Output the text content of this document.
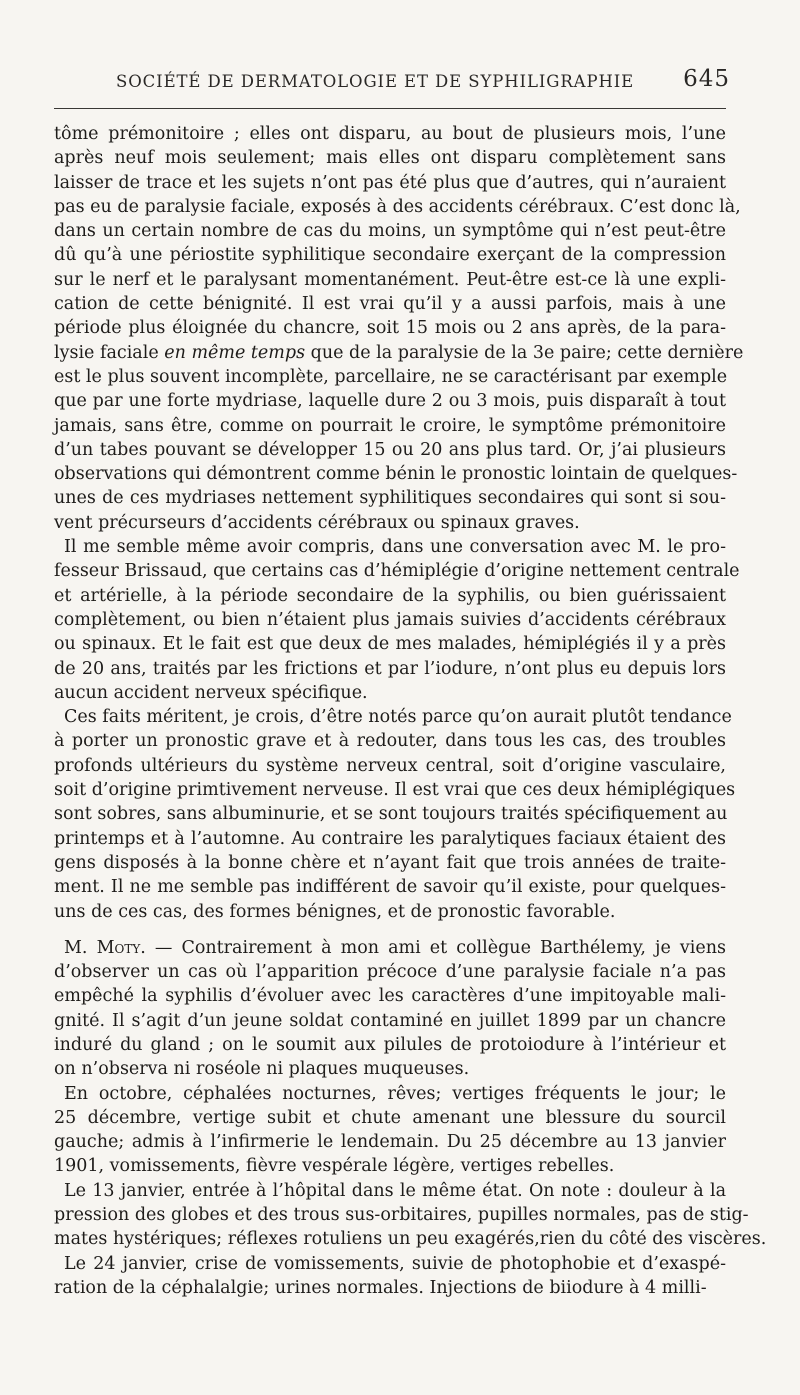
SOCIÉTÉ DE DERMATOLOGIE ET DE SYPHILIGRAPHIE 645

tôme prémonitoire ; elles ont disparu, au bout de plusieurs mois, l’une
après neuf mois seulement; mais elles ont disparu complètement sans
laisser de trace et les sujets n’ont pas été plus que d’autres, qui n’auraient
pas eu de paralysie faciale, exposés à des accidents cérébraux. C’est donc là,
dans un certain nombre de cas du moins, un symptôme qui n’est peut-être
dû qu’à une périostite syphilitique secondaire exerçant de la compression
sur le nerf et le paralysant momentanément. Peut-être est-ce là une expli-
cation de cette bénignité. Il est vrai qu’il y a aussi parfois, mais à une
période plus éloignée du chancre, soit 15 mois ou 2 ans après, de la para-
lysie faciale en même temps que de la paralysie de la 3e paire; cette dernière
est le plus souvent incomplète, parcellaire, ne se caractérisant par exemple
que par une forte mydriase, laquelle dure 2 ou 3 mois, puis disparaît à tout
jamais, sans être, comme on pourrait le croire, le symptôme prémonitoire
d’un tabes pouvant se développer 15 ou 20 ans plus tard. Or, j’ai plusieurs
observations qui démontrent comme bénin le pronostic lointain de quelques-
unes de ces mydriases nettement syphilitiques secondaires qui sont si sou-
vent précurseurs d’accidents cérébraux ou spinaux graves.

Il me semble même avoir compris, dans une conversation avec M. le pro-
fesseur Brissaud, que certains cas d’hémiplégie d’origine nettement centrale
et artérielle, à la période secondaire de la syphilis, ou bien guérissaient
complètement, ou bien n’étaient plus jamais suivies d’accidents cérébraux
ou spinaux. Et le fait est que deux de mes malades, hémiplégiés il y a près
de 20 ans, traités par les frictions et par l’iodure, n’ont plus eu depuis lors
aucun accident nerveux spécifique.

Ces faits méritent, je crois, d’être notés parce qu’on aurait plutôt tendance
à porter un pronostic grave et à redouter, dans tous les cas, des troubles
profonds ultérieurs du système nerveux central, soit d’origine vasculaire,
soit d’origine primtivement nerveuse. Il est vrai que ces deux hémiplégiques
sont sobres, sans albuminurie, et se sont toujours traités spécifiquement au
printemps et à l’automne. Au contraire les paralytiques faciaux étaient des
gens disposés à la bonne chère et n’ayant fait que trois années de traite-
ment. Il ne me semble pas indifférent de savoir qu’il existe, pour quelques-
uns de ces cas, des formes bénignes, et de pronostic favorable.

M. Moty. — Contrairement à mon ami et collègue Barthélemy, je viens
d’observer un cas où l’apparition précoce d’une paralysie faciale n’a pas
empêché la syphilis d’évoluer avec les caractères d’une impitoyable mali-
gnité. Il s’agit d’un jeune soldat contaminé en juillet 1899 par un chancre
induré du gland ; on le soumit aux pilules de protoiodure à l’intérieur et
on n’observa ni roséole ni plaques muqueuses.

En octobre, céphalées nocturnes, rêves; vertiges fréquents le jour; le
25 décembre, vertige subit et chute amenant une blessure du sourcil
gauche; admis à l’infirmerie le lendemain. Du 25 décembre au 13 janvier
1901, vomissements, fièvre vespérale légère, vertiges rebelles.

Le 13 janvier, entrée à l’hôpital dans le même état. On note : douleur à la
pression des globes et des trous sus-orbitaires, pupilles normales, pas de stig-
mates hystériques; réflexes rotuliens un peu exagérés,rien du côté des viscères.

Le 24 janvier, crise de vomissements, suivie de photophobie et d’exaspé-
ration de la céphalalgie; urines normales. Injections de biiodure à 4 milli-
